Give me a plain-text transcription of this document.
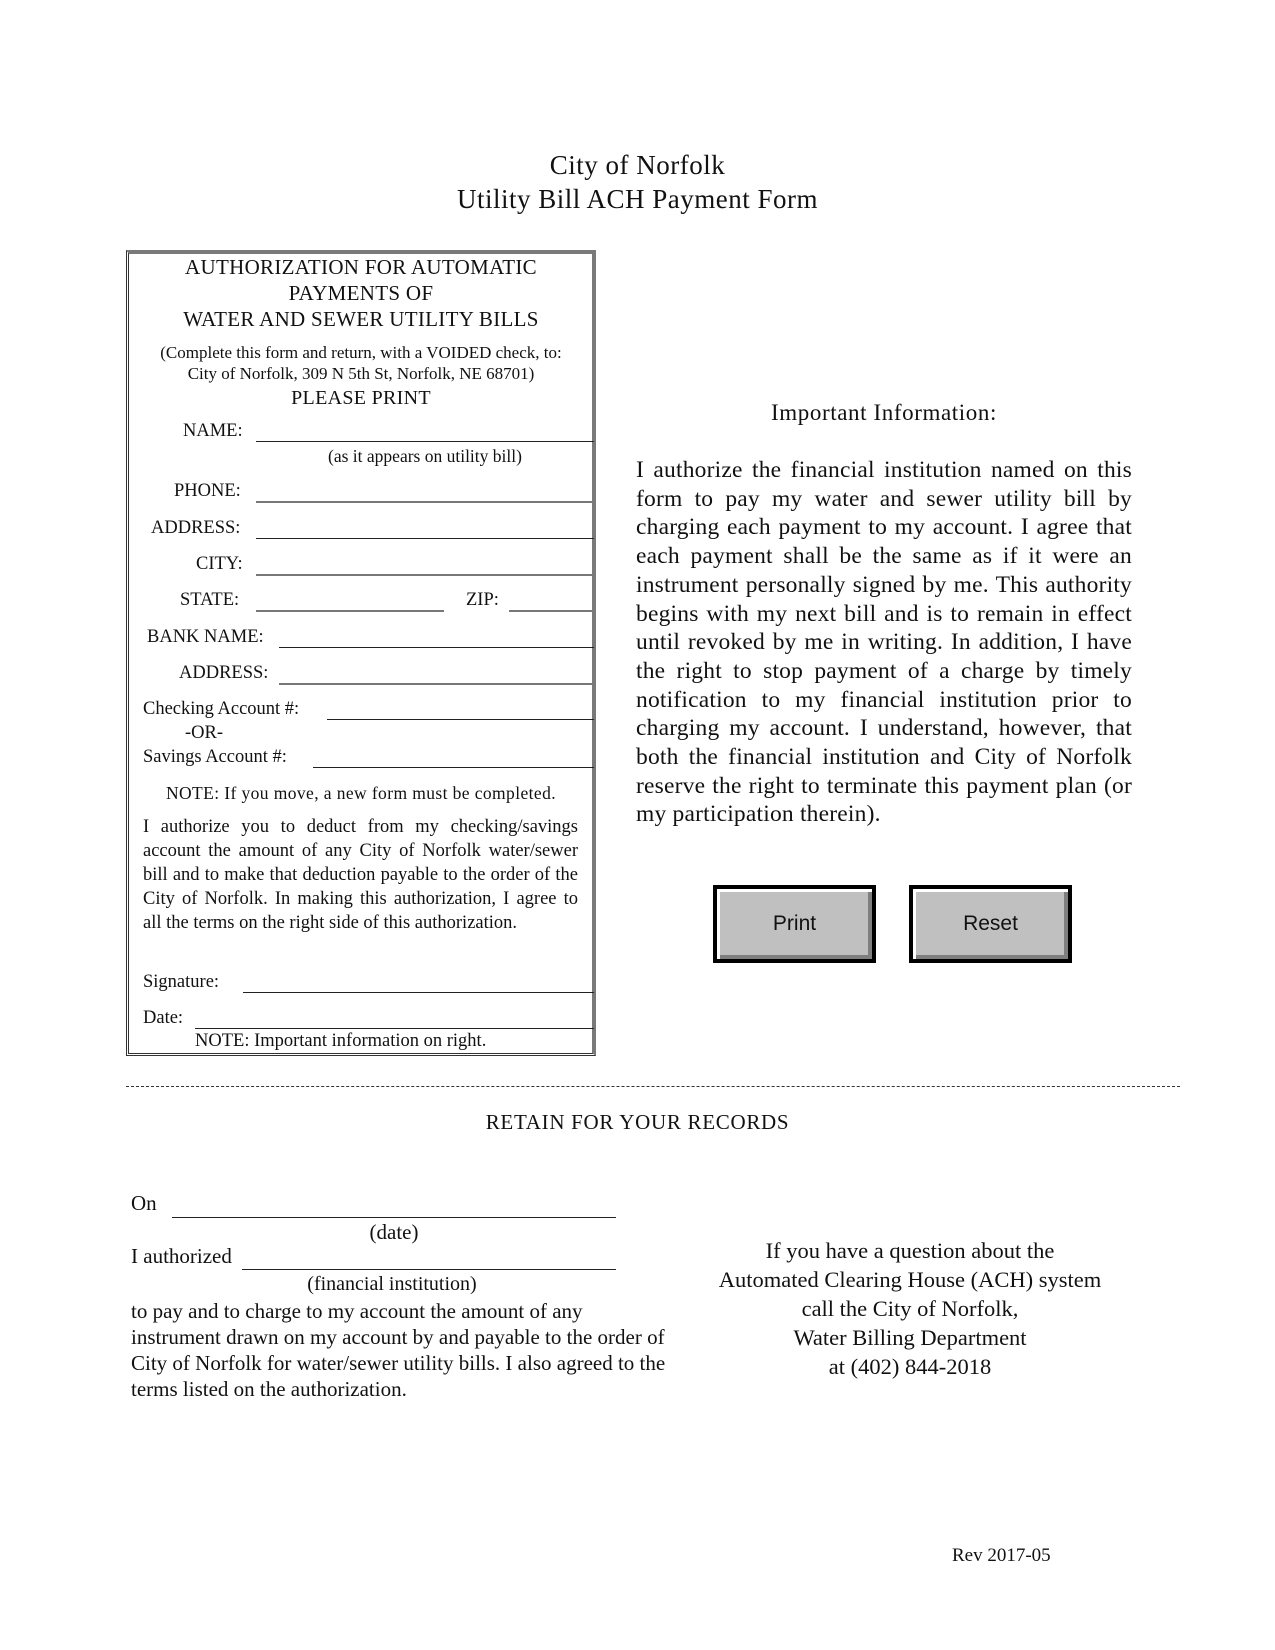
City of Norfolk
Utility Bill ACH Payment Form
AUTHORIZATION FOR AUTOMATIC
PAYMENTS OF
WATER AND SEWER UTILITY BILLS
(Complete this form and return, with a VOIDED check, to:
City of Norfolk, 309 N 5th St, Norfolk, NE 68701)
PLEASE PRINT
NAME:
(as it appears on utility bill)
PHONE:
ADDRESS:
CITY:
STATE:	ZIP:
BANK NAME:
ADDRESS:
Checking Account #:
-OR-
Savings Account #:
NOTE: If you move, a new form must be completed.
I authorize you to deduct from my checking/savings account the amount of any City of Norfolk water/sewer bill and to make that deduction payable to the order of the City of Norfolk. In making this authorization, I agree to all the terms on the right side of this authorization.
Signature:
Date:
NOTE: Important information on right.
Important Information:
I authorize the financial institution named on this form to pay my water and sewer utility bill by charging each payment to my account. I agree that each payment shall be the same as if it were an instrument personally signed by me. This authority begins with my next bill and is to remain in effect until revoked by me in writing. In addition, I have the right to stop payment of a charge by timely notification to my financial institution prior to charging my account. I understand, however, that both the financial institution and City of Norfolk reserve the right to terminate this payment plan (or my participation therein).
Print	Reset
RETAIN FOR YOUR RECORDS
On
(date)
I authorized
(financial institution)
to pay and to charge to my account the amount of any instrument drawn on my account by and payable to the order of City of Norfolk for water/sewer utility bills. I also agreed to the terms listed on the authorization.
If you have a question about the
Automated Clearing House (ACH) system
call the City of Norfolk,
Water Billing Department
at (402) 844-2018
Rev 2017-05
